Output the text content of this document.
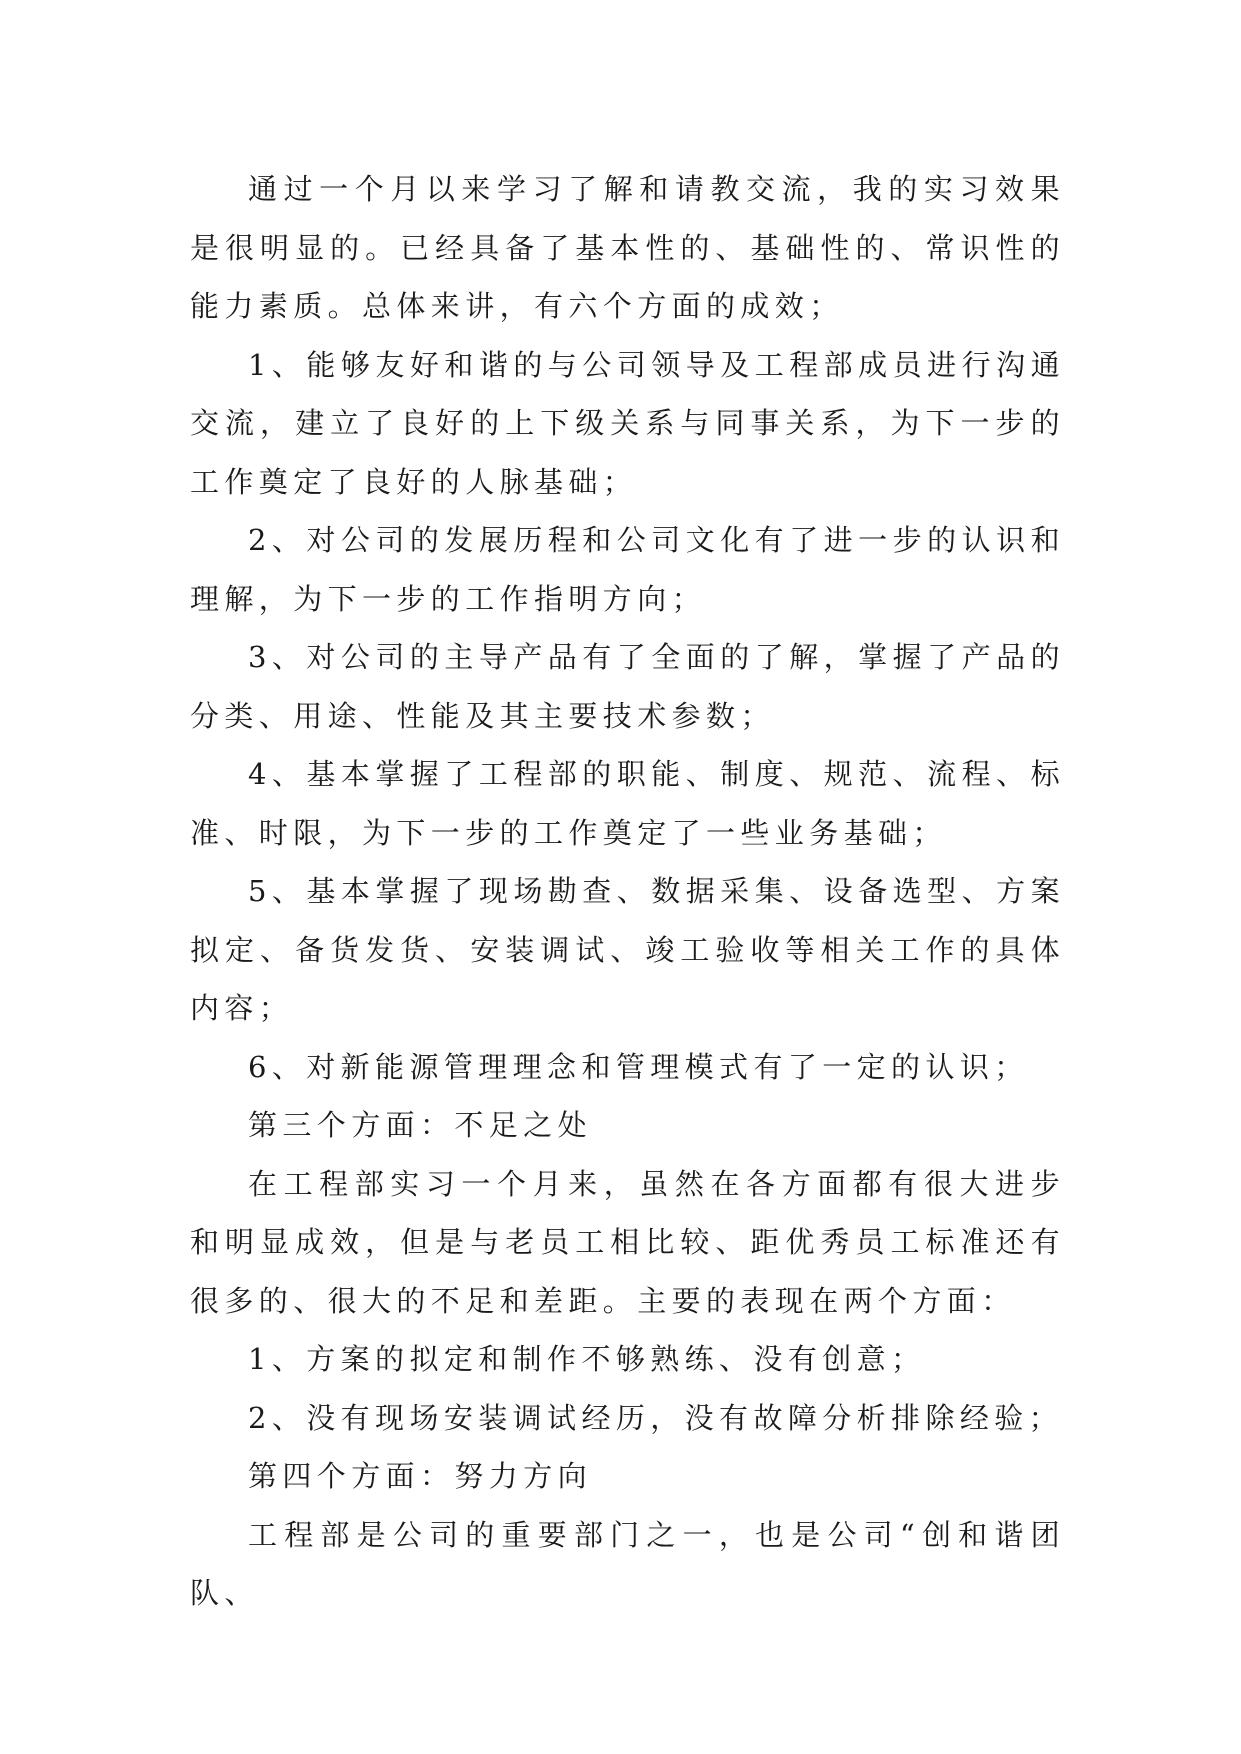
通过一个月以来学习了解和请教交流，我的实习效果是很明显的。已经具备了基本性的、基础性的、常识性的能力素质。总体来讲，有六个方面的成效；

1、能够友好和谐的与公司领导及工程部成员进行沟通交流，建立了良好的上下级关系与同事关系，为下一步的工作奠定了良好的人脉基础；

2、对公司的发展历程和公司文化有了进一步的认识和理解，为下一步的工作指明方向；

3、对公司的主导产品有了全面的了解，掌握了产品的分类、用途、性能及其主要技术参数；

4、基本掌握了工程部的职能、制度、规范、流程、标准、时限，为下一步的工作奠定了一些业务基础；

5、基本掌握了现场勘查、数据采集、设备选型、方案拟定、备货发货、安装调试、竣工验收等相关工作的具体内容；

6、对新能源管理理念和管理模式有了一定的认识；

第三个方面：不足之处

在工程部实习一个月来，虽然在各方面都有很大进步和明显成效，但是与老员工相比较、距优秀员工标准还有很多的、很大的不足和差距。主要的表现在两个方面：

1、方案的拟定和制作不够熟练、没有创意；

2、没有现场安装调试经历，没有故障分析排除经验；

第四个方面：努力方向

工程部是公司的重要部门之一，也是公司“创和谐团队、
